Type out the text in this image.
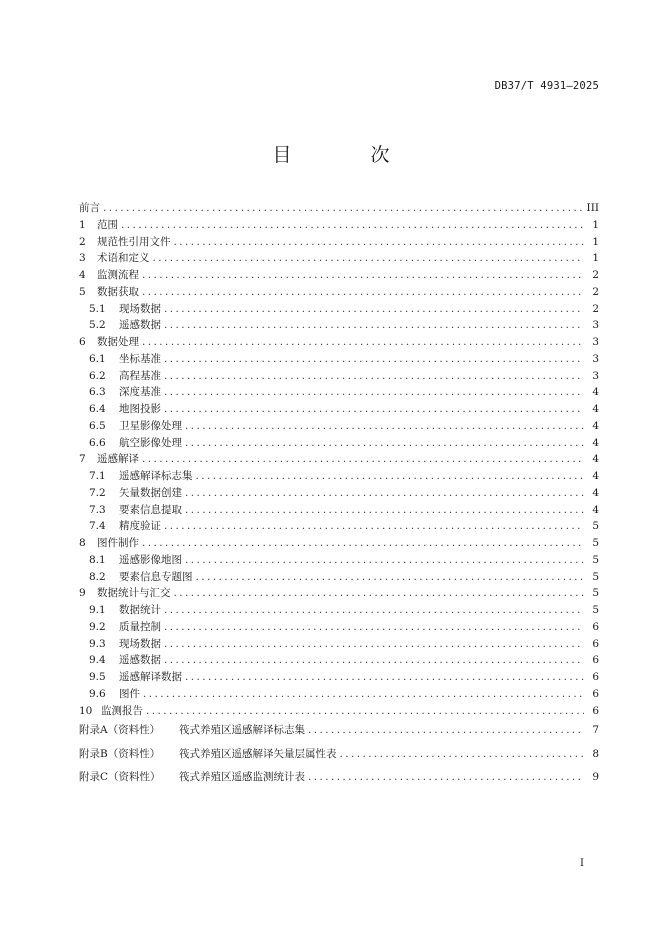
DB37/T 4931—2025
目　次
前言 .....	III
1	范围 .....	1
2	规范性引用文件 .....	1
3	术语和定义 .....	1
4	监测流程 .....	2
5	数据获取 .....	2
5.1	现场数据 .....	2
5.2	遥感数据 .....	3
6	数据处理 .....	3
6.1	坐标基准 .....	3
6.2	高程基准 .....	3
6.3	深度基准 .....	4
6.4	地图投影 .....	4
6.5	卫星影像处理 .....	4
6.6	航空影像处理 .....	4
7	遥感解译 .....	4
7.1	遥感解译标志集 .....	4
7.2	矢量数据创建 .....	4
7.3	要素信息提取 .....	4
7.4	精度验证 .....	5
8	图件制作 .....	5
8.1	遥感影像地图 .....	5
8.2	要素信息专题图 .....	5
9	数据统计与汇交 .....	5
9.1	数据统计 .....	5
9.2	质量控制 .....	6
9.3	现场数据 .....	6
9.4	遥感数据 .....	6
9.5	遥感解译数据 .....	6
9.6	图件 .....	6
10 监测报告 .....	6
附录A（资料性）	筏式养殖区遥感解译标志集 .....	7
附录B（资料性）	筏式养殖区遥感解译矢量层属性表 .....	8
附录C（资料性）	筏式养殖区遥感监测统计表 .....	9
I
